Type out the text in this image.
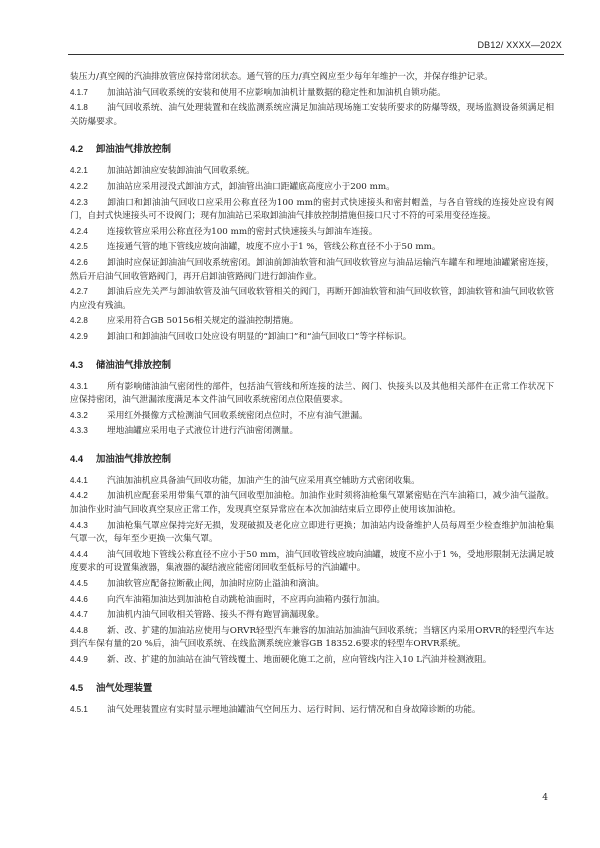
DB12/ XXXX—202X

装压力/真空阀的汽油排放管应保持常闭状态。通气管的压力/真空阀应至少每年年维护一次，并保存维护记录。

4.1.7 加油站油气回收系统的安装和使用不应影响加油机计量数据的稳定性和加油机自锁功能。

4.1.8 油气回收系统、油气处理装置和在线监测系统应满足加油站现场施工安装所要求的防爆等级，现场监测设备须满足相关防爆要求。

4.2 卸油油气排放控制

4.2.1 加油站卸油应安装卸油油气回收系统。

4.2.2 加油站应采用浸没式卸油方式，卸油管出油口距罐底高度应小于200 mm。

4.2.3 卸油口和卸油油气回收口应采用公称直径为100 mm的密封式快速接头和密封帽盖，与各自管线的连接处应设有阀门，自封式快速接头可不设阀门；现有加油站已采取卸油油气排放控制措施但接口尺寸不符的可采用变径连接。

4.2.4 连接软管应采用公称直径为100 mm的密封式快速接头与卸油车连接。

4.2.5 连接通气管的地下管线应坡向油罐，坡度不应小于1 %，管线公称直径不小于50 mm。

4.2.6 卸油时应保证卸油油气回收系统密闭。卸油前卸油软管和油气回收软管应与油品运输汽车罐车和埋地油罐紧密连接，然后开启油气回收管路阀门，再开启卸油管路阀门进行卸油作业。

4.2.7 卸油后应先关严与卸油软管及油气回收软管相关的阀门，再断开卸油软管和油气回收软管，卸油软管和油气回收软管内应没有残油。

4.2.8 应采用符合GB 50156相关规定的溢油控制措施。

4.2.9 卸油口和卸油油气回收口处应设有明显的“卸油口”和“油气回收口”等字样标识。

4.3 储油油气排放控制

4.3.1 所有影响储油油气密闭性的部件，包括油气管线和所连接的法兰、阀门、快接头以及其他相关部件在正常工作状况下应保持密闭，油气泄漏浓度满足本文件油气回收系统密闭点位限值要求。

4.3.2 采用红外摄像方式检测油气回收系统密闭点位时，不应有油气泄漏。

4.3.3 埋地油罐应采用电子式液位计进行汽油密闭测量。

4.4 加油油气排放控制

4.4.1 汽油加油机应具备油气回收功能，加油产生的油气应采用真空辅助方式密闭收集。

4.4.2 加油机应配套采用带集气罩的油气回收型加油枪。加油作业时须将油枪集气罩紧密贴在汽车油箱口，减少油气溢散。加油作业时油气回收真空泵应正常工作，发现真空泵异常应在本次加油结束后立即停止使用该加油枪。

4.4.3 加油枪集气罩应保持完好无损，发现破损及老化应立即进行更换；加油站内设备维护人员每周至少检查维护加油枪集气罩一次，每年至少更换一次集气罩。

4.4.4 油气回收地下管线公称直径不应小于50 mm，油气回收管线应坡向油罐，坡度不应小于1 %，受地形限制无法满足坡度要求的可设置集液器，集液器的凝结液应能密闭回收至低标号的汽油罐中。

4.4.5 加油软管应配备拉断截止阀，加油时应防止溢油和滴油。

4.4.6 向汽车油箱加油达到加油枪自动跳枪油面时，不应再向油箱内强行加油。

4.4.7 加油机内油气回收相关管路、接头不得有跑冒滴漏现象。

4.4.8 新、改、扩建的加油站应使用与ORVR轻型汽车兼容的加油站加油油气回收系统；当辖区内采用ORVR的轻型汽车达到汽车保有量的20 %后，油气回收系统、在线监测系统应兼容GB 18352.6要求的轻型车ORVR系统。

4.4.9 新、改、扩建的加油站在油气管线覆土、地面硬化施工之前，应向管线内注入10 L汽油并检测液阻。

4.5 油气处理装置

4.5.1 油气处理装置应有实时显示埋地油罐油气空间压力、运行时间、运行情况和自身故障诊断的功能。

4
